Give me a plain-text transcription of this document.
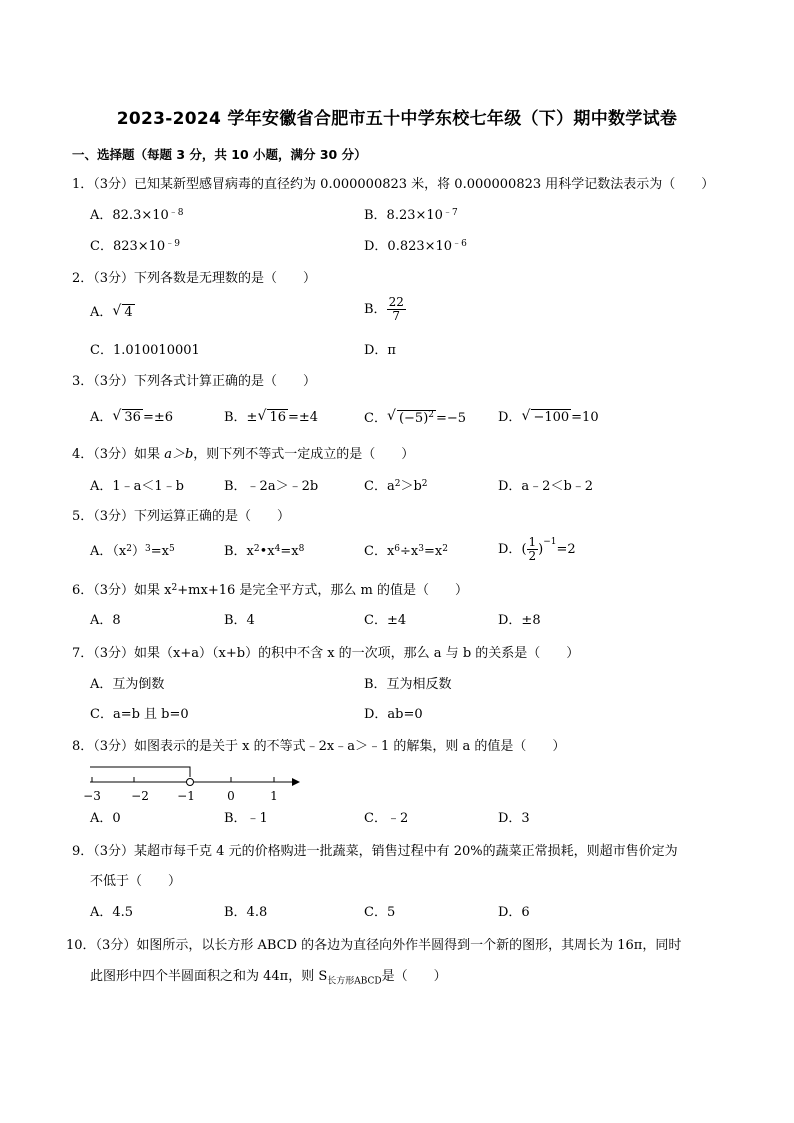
2023-2024 学年安徽省合肥市五十中学东校七年级（下）期中数学试卷
一、选择题（每题 3 分，共 10 小题，满分 30 分）
1．（3分）已知某新型感冒病毒的直径约为 0.000000823 米，将 0.000000823 用科学记数法表示为（　　）
A．$82.3\times 10^{﹣8}$	B．$8.23\times 10^{﹣7}$
C．$823\times 10^{﹣9}$	D．$0.823\times 10^{﹣6}$
2．（3分）下列各数是无理数的是（　　）
A． √ 4	B． $\frac{22}{7}$
C．1.010010001	D．π
3．（3分）下列各式计算正确的是（　　）
A． √ 36 =±6	B．± √ 16 =±4	C． √ $(-5)^2 =-5$ D． √ −100 =10
4．（3分）如果 a＞b，则下列不等式一定成立的是（　　）
A．1﹣a＜1﹣b	B．﹣2a＞﹣2b	C．$a^2>b^2$	D．a﹣2＜b﹣2
5．（3分）下列运算正确的是（　　）
A．$(x^2)^3=x^5$	B．$x^2•x^4=x^8$	C．$x^6\div x^3=x^2$	D．( $\frac{1}{2} )^{-1}=2$
6．（3分）如果 $x^2+mx+16$ 是完全平方式，那么 m 的值是（　　）
A．8	B．4	C．±4	D．±8
7．（3分）如果（x+a）（x+b）的积中不含 x 的一次项，那么 a 与 b 的关系是（　　）
A．互为倒数	B．互为相反数
C．a=b 且 b=0	D．ab=0
8．（3分）如图表示的是关于 x 的不等式﹣2x﹣a＞﹣1 的解集，则 a 的值是（　　）
−3	−2 −1	0	1
A．0	B．﹣1	C．﹣2	D．3
9．（3分）某超市每千克 4 元的价格购进一批蔬菜，销售过程中有 20%的蔬菜正常损耗，则超市售价定为
不低于（　　）
A．4.5	B．4.8	C．5	D．6
10．（3分）如图所示，以长方形 ABCD 的各边为直径向外作半圆得到一个新的图形，其周长为 16π，同时
此图形中四个半圆面积之和为 44π，则 $S_{长方形ABCD}$是（　　）
